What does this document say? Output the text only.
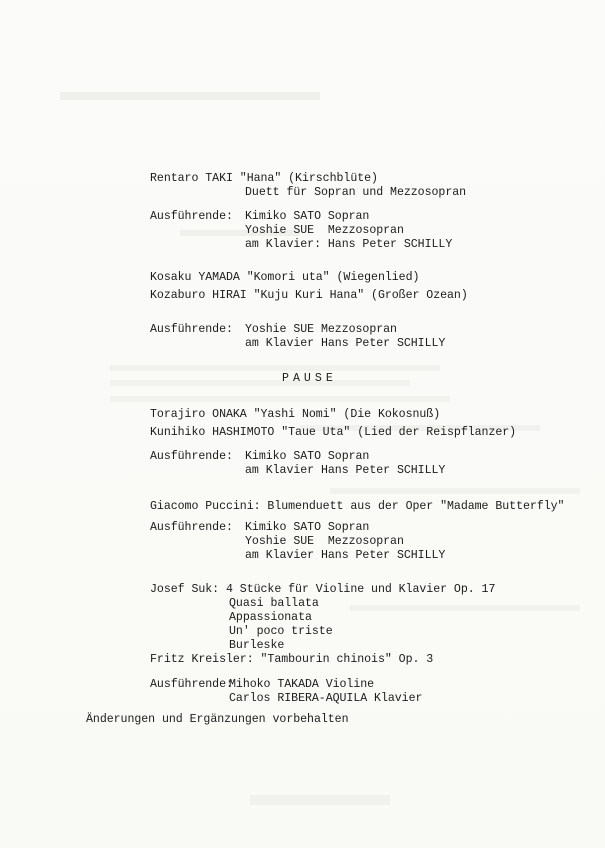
Rentaro TAKI "Hana" (Kirschblüte)
Duett für Sopran und Mezzosopran
Ausführende: Kimiko SATO Sopran
Yoshie SUE  Mezzosopran
am Klavier: Hans Peter SCHILLY
Kosaku YAMADA "Komori uta" (Wiegenlied)
Kozaburo HIRAI "Kuju Kuri Hana" (Großer Ozean)
Ausführende: Yoshie SUE Mezzosopran
am Klavier Hans Peter SCHILLY
PAUSE
Torajiro ONAKA "Yashi Nomi" (Die Kokosnuß)
Kunihiko HASHIMOTO "Taue Uta" (Lied der Reispflanzer)
Ausführende: Kimiko SATO Sopran
am Klavier Hans Peter SCHILLY
Giacomo Puccini: Blumenduett aus der Oper "Madame Butterfly"
Ausführende: Kimiko SATO Sopran
Yoshie SUE  Mezzosopran
am Klavier Hans Peter SCHILLY
Josef Suk: 4 Stücke für Violine und Klavier Op. 17
Quasi ballata
Appassionata
Un' poco triste
Burleske
Fritz Kreisler: "Tambourin chinois" Op. 3
Ausführende:
Mihoko TAKADA Violine
Carlos RIBERA-AQUILA Klavier
Änderungen und Ergänzungen vorbehalten
